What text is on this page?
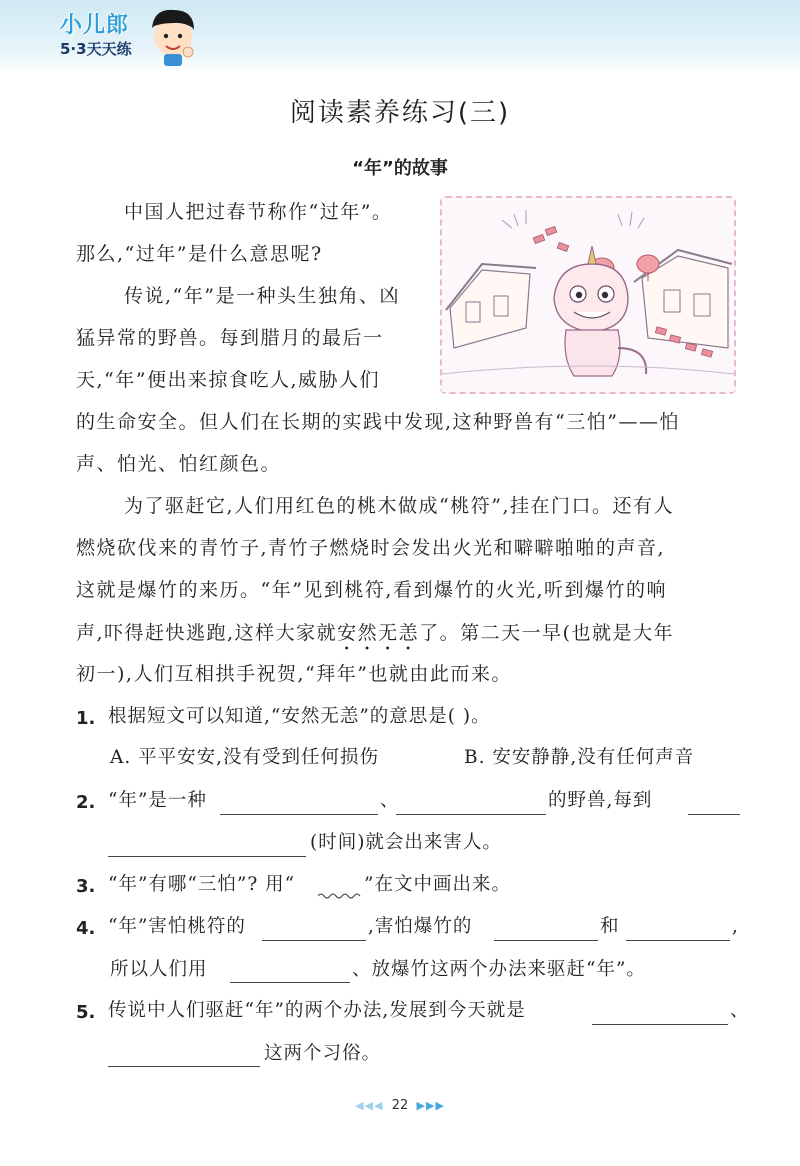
小儿郎
5·3天天练
阅读素养练习(三)
“年”的故事
中国人把过春节称作“过年”。
那么,“过年”是什么意思呢?
传说,“年”是一种头生独角、凶
猛异常的野兽。每到腊月的最后一
天,“年”便出来掠食吃人,威胁人们
的生命安全。但人们在长期的实践中发现,这种野兽有“三怕”——怕
声、怕光、怕红颜色。
为了驱赶它,人们用红色的桃木做成“桃符”,挂在门口。还有人
燃烧砍伐来的青竹子,青竹子燃烧时会发出火光和噼噼啪啪的声音,
这就是爆竹的来历。“年”见到桃符,看到爆竹的火光,听到爆竹的响
声,吓得赶快逃跑,这样大家就安然无恙了。第二天一早(也就是大年
初一),人们互相拱手祝贺,“拜年”也就由此而来。
1. 根据短文可以知道,“安然无恙”的意思是( )。
A. 平平安安,没有受到任何损伤	B. 安安静静,没有任何声音
2. “年”是一种	、	的野兽,每到
(时间)就会出来害人。
3. “年”有哪“三怕”? 用“	”在文中画出来。
4. “年”害怕桃符的	,害怕爆竹的	和	,
所以人们用	、放爆竹这两个办法来驱赶“年”。
5. 传说中人们驱赶“年”的两个办法,发展到今天就是	、
这两个习俗。
◀◀◀ 22 ▶▶▶
